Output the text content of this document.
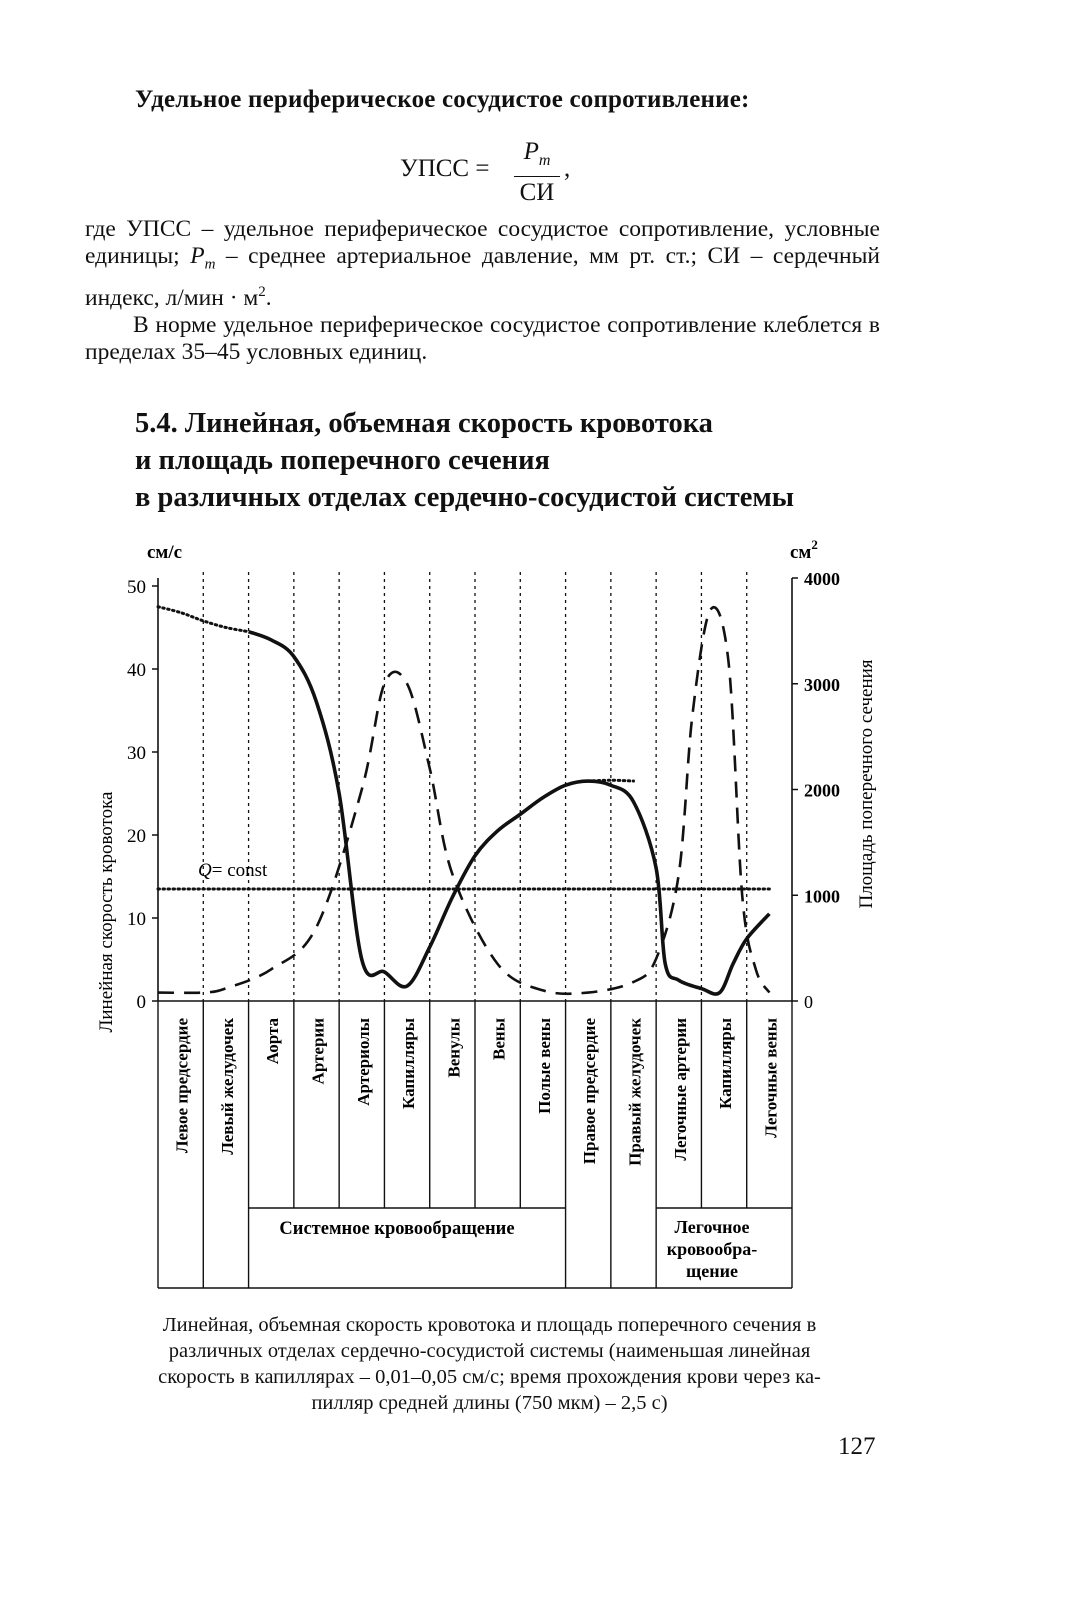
Удельное периферическое сосудистое сопротивление:
УПСС =
$P_m$
СИ
,

где УПСС – удельное периферическое сосудистое сопротивление, условные единицы; $P_m$ – среднее артериальное давление, мм рт. ст.; СИ – сердечный индекс, $л/мин \cdot м^2$.

В норме удельное периферическое сосудистое сопротивление клеблется в пределах 35–45 условных единиц.

5.4. Линейная, объемная скорость кровотока
и площадь поперечного сечения
в различных отделах сердечно-сосудистой системы
см/с	$см^2$
Линейная скорость кровотока
Площадь поперечного сечения
0
10
20
30
40
50
0
1000
2000
3000
4000
Q= const
Левое предсердие Левый желудочек Аорта Артерии Артериолы Капилляры Венулы Вены Полые вены Правое предсердие Правый желудочек Легочные артерии Капилляры Легочные вены
Системное кровообращение	Легочное
кровообра-
щение
Линейная, объемная скорость кровотока и площадь поперечного сечения в
различных отделах сердечно-сосудистой системы (наименьшая линейная
скорость в капиллярах – 0,01–0,05 см/с; время прохождения крови через ка-
пилляр средней длины (750 мкм) – 2,5 с)
127
